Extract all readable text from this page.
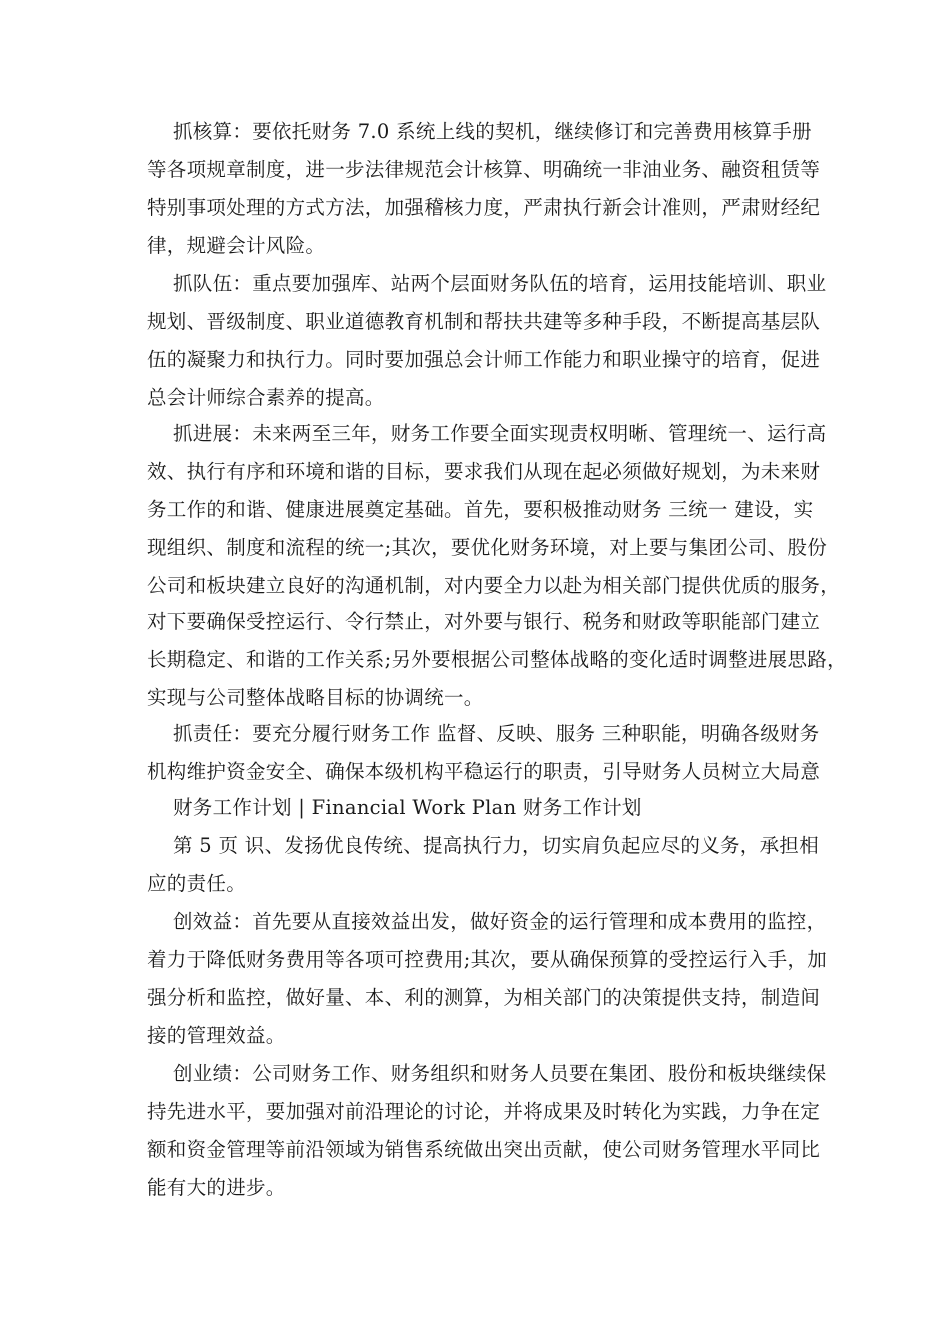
抓核算：要依托财务 7.0 系统上线的契机，继续修订和完善费用核算手册
等各项规章制度，进一步法律规范会计核算、明确统一非油业务、融资租赁等
特别事项处理的方式方法，加强稽核力度，严肃执行新会计准则，严肃财经纪
律，规避会计风险。
抓队伍：重点要加强库、站两个层面财务队伍的培育，运用技能培训、职业
规划、晋级制度、职业道德教育机制和帮扶共建等多种手段，不断提高基层队
伍的凝聚力和执行力。同时要加强总会计师工作能力和职业操守的培育，促进
总会计师综合素养的提高。
抓进展：未来两至三年，财务工作要全面实现责权明晰、管理统一、运行高
效、执行有序和环境和谐的目标，要求我们从现在起必须做好规划，为未来财
务工作的和谐、健康进展奠定基础。首先，要积极推动财务 三统一 建设，实
现组织、制度和流程的统一;其次，要优化财务环境，对上要与集团公司、股份
公司和板块建立良好的沟通机制，对内要全力以赴为相关部门提供优质的服务，
对下要确保受控运行、令行禁止，对外要与银行、税务和财政等职能部门建立
长期稳定、和谐的工作关系;另外要根据公司整体战略的变化适时调整进展思路，
实现与公司整体战略目标的协调统一。
抓责任：要充分履行财务工作 监督、反映、服务 三种职能，明确各级财务
机构维护资金安全、确保本级机构平稳运行的职责，引导财务人员树立大局意
财务工作计划 | Financial Work Plan 财务工作计划
第 5 页 识、发扬优良传统、提高执行力，切实肩负起应尽的义务，承担相
应的责任。
创效益：首先要从直接效益出发，做好资金的运行管理和成本费用的监控，
着力于降低财务费用等各项可控费用;其次，要从确保预算的受控运行入手，加
强分析和监控，做好量、本、利的测算，为相关部门的决策提供支持，制造间
接的管理效益。
创业绩：公司财务工作、财务组织和财务人员要在集团、股份和板块继续保
持先进水平，要加强对前沿理论的讨论，并将成果及时转化为实践，力争在定
额和资金管理等前沿领域为销售系统做出突出贡献，使公司财务管理水平同比
能有大的进步。
